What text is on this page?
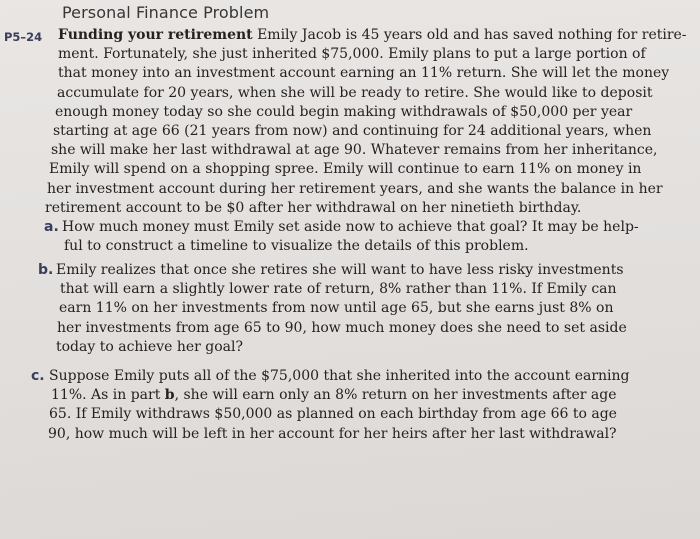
Personal Finance Problem
P5–24 Funding your retirement Emily Jacob is 45 years old and has saved nothing for retire-
ment. Fortunately, she just inherited $75,000. Emily plans to put a large portion of
that money into an investment account earning an 11% return. She will let the money
accumulate for 20 years, when she will be ready to retire. She would like to deposit
enough money today so she could begin making withdrawals of $50,000 per year
starting at age 66 (21 years from now) and continuing for 24 additional years, when
she will make her last withdrawal at age 90. Whatever remains from her inheritance,
Emily will spend on a shopping spree. Emily will continue to earn 11% on money in
her investment account during her retirement years, and she wants the balance in her
retirement account to be $0 after her withdrawal on her ninetieth birthday.
a. How much money must Emily set aside now to achieve that goal? It may be help-
ful to construct a timeline to visualize the details of this problem.
b. Emily realizes that once she retires she will want to have less risky investments
that will earn a slightly lower rate of return, 8% rather than 11%. If Emily can
earn 11% on her investments from now until age 65, but she earns just 8% on
her investments from age 65 to 90, how much money does she need to set aside
today to achieve her goal?
c. Suppose Emily puts all of the $75,000 that she inherited into the account earning
11%. As in part b, she will earn only an 8% return on her investments after age
65. If Emily withdraws $50,000 as planned on each birthday from age 66 to age
90, how much will be left in her account for her heirs after her last withdrawal?
